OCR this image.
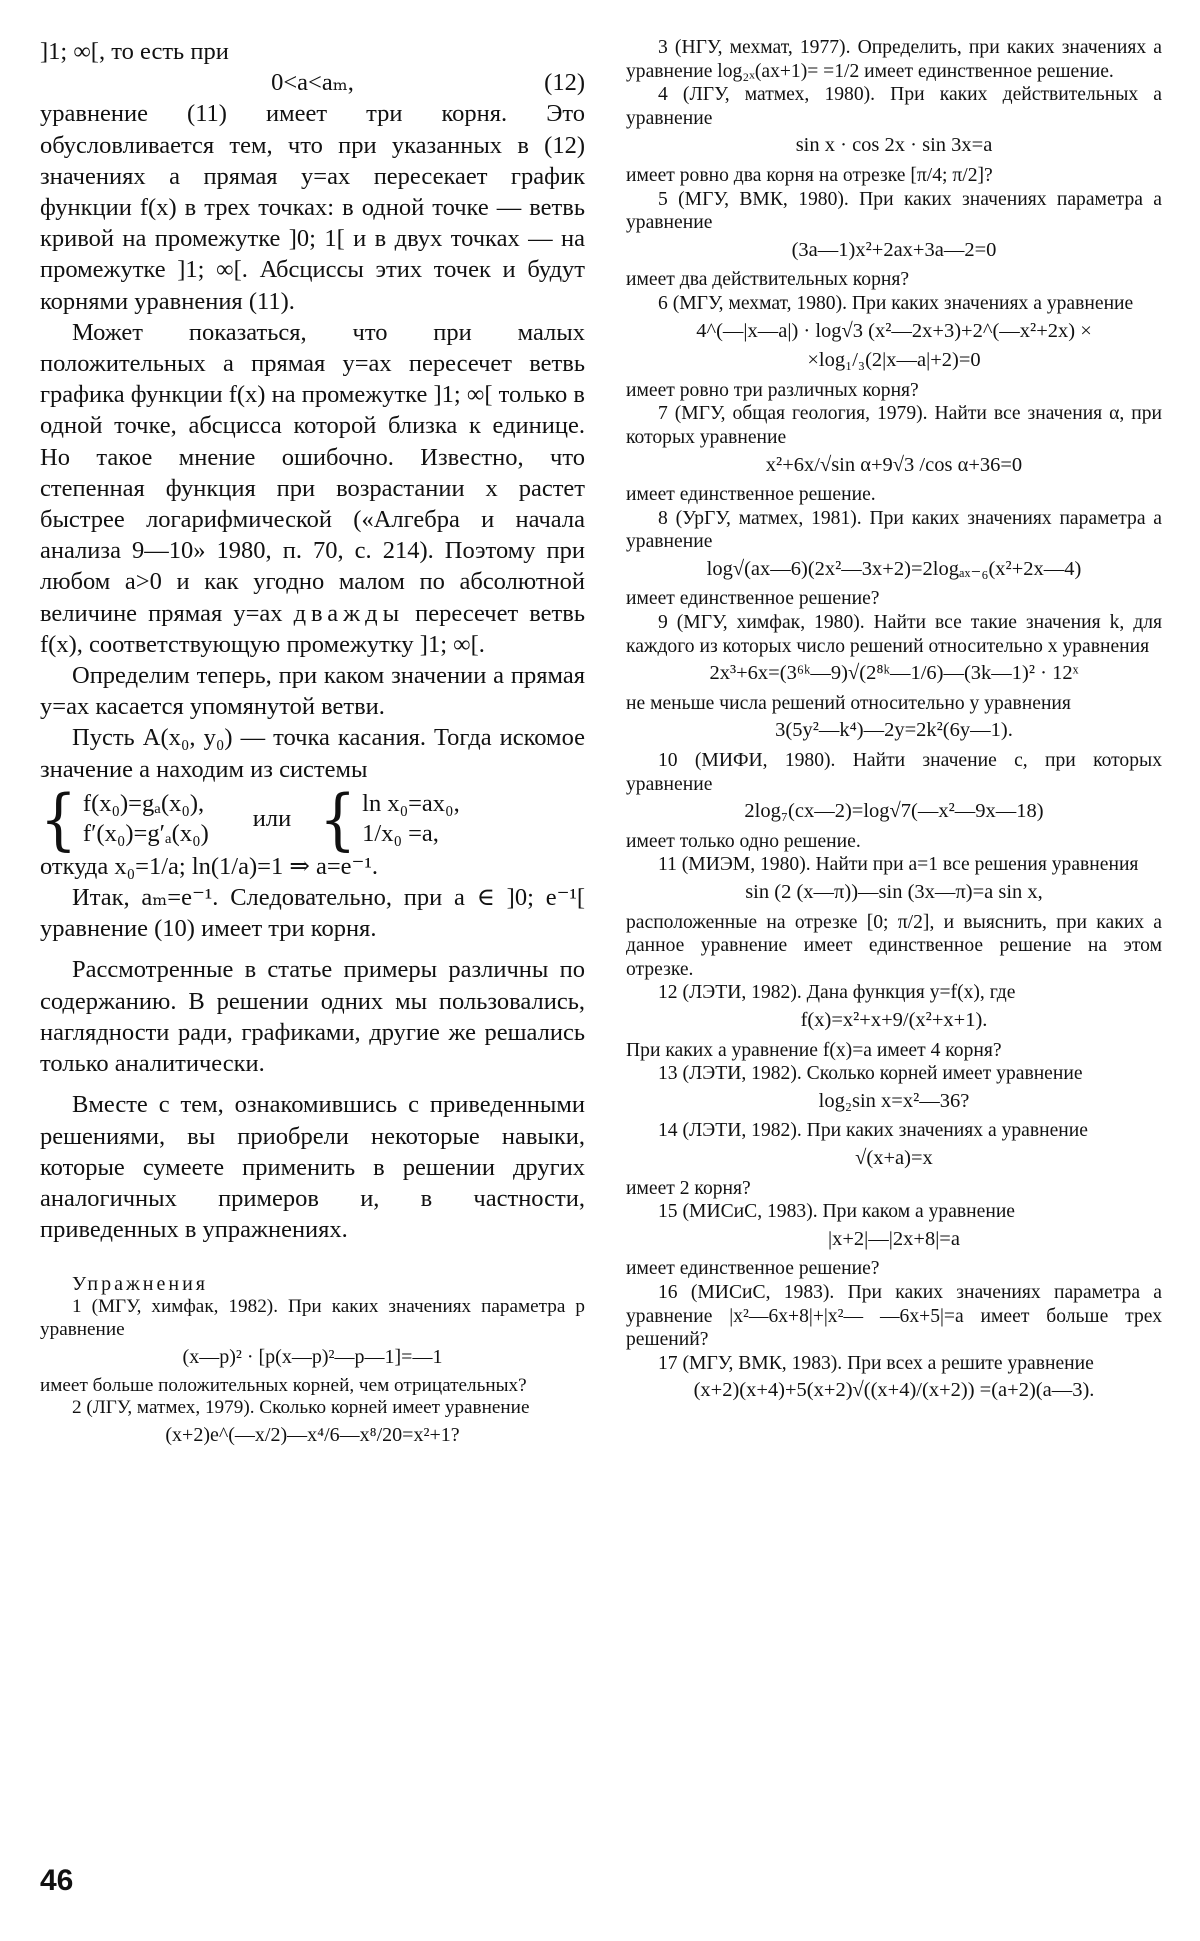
]1; ∞[, то есть при

0<a<aₘ,	(12)

уравнение (11) имеет три корня. Это обусловливается тем, что при указанных в (12) значениях a прямая y=ax пересекает график функции f(x) в трех точках: в одной точке — ветвь кривой на промежутке ]0; 1[ и в двух точках — на промежутке ]1; ∞[. Абсциссы этих точек и будут корнями уравнения (11).

Может показаться, что при малых положительных a прямая y=ax пересечет ветвь графика функции f(x) на промежутке ]1; ∞[ только в одной точке, абсцисса которой близка к единице. Но такое мнение ошибочно. Известно, что степенная функция при возрастании x растет быстрее логарифмической («Алгебра и начала анализа 9—10» 1980, п. 70, с. 214). Поэтому при любом a>0 и как угодно малом по абсолютной величине прямая y=ax дважды пересечет ветвь f(x), соответствующую промежутку ]1; ∞[.

Определим теперь, при каком значении a прямая y=ax касается упомянутой ветви.

Пусть A(x₀, y₀) — точка касания. Тогда искомое значение a находим из системы

{ f(x₀)=gₐ(x₀),
f′(x₀)=g′ₐ(x₀)
или { ln x₀=ax₀,
1/x₀ =a,

откуда x₀=1/a; ln(1/a)=1 ⇒ a=e⁻¹.

Итак, aₘ=e⁻¹. Следовательно, при a ∈ ]0; e⁻¹[ уравнение (10) имеет три корня.

Рассмотренные в статье примеры различны по содержанию. В решении одних мы пользовались, наглядности ради, графиками, другие же решались только аналитически.

Вместе с тем, ознакомившись с приведенными решениями, вы приобрели некоторые навыки, которые сумеете применить в решении других аналогичных примеров и, в частности, приведенных в упражнениях.

Упражнения

1 (МГУ, химфак, 1982). При каких значениях параметра p уравнение

(x—p)² · [p(x—p)²—p—1]=—1

имеет больше положительных корней, чем отрицательных?

2 (ЛГУ, матмех, 1979). Сколько корней имеет уравнение

(x+2)e^(—x/2)—x⁴/6—x⁸/20=x²+1?

3 (НГУ, мехмат, 1977). Определить, при каких значениях a уравнение log₂ₓ(ax+1)= =1/2 имеет единственное решение.

4 (ЛГУ, матмех, 1980). При каких действительных a уравнение

sin x · cos 2x · sin 3x=a

имеет ровно два корня на отрезке [π/4; π/2]?

5 (МГУ, ВМК, 1980). При каких значениях параметра a уравнение

(3a—1)x²+2ax+3a—2=0

имеет два действительных корня?

6 (МГУ, мехмат, 1980). При каких значениях a уравнение

4^(—|x—a|) · log√3 (x²—2x+3)+2^(—x²+2x) ×

×log₁/₃(2|x—a|+2)=0

имеет ровно три различных корня?

7 (МГУ, общая геология, 1979). Найти все значения α, при которых уравнение

x²+6x/√sin α+9√3 /cos α+36=0

имеет единственное решение.

8 (УрГУ, матмех, 1981). При каких значениях параметра a уравнение

log√(ax—6)(2x²—3x+2)=2logₐₓ₋₆(x²+2x—4)

имеет единственное решение?

9 (МГУ, химфак, 1980). Найти все такие значения k, для каждого из которых число решений относительно x уравнения

2x³+6x=(3⁶ᵏ—9)√(2⁸ᵏ—1/6)—(3k—1)² · 12ˣ

не меньше числа решений относительно y уравнения

3(5y²—k⁴)—2y=2k²(6y—1).

10 (МИФИ, 1980). Найти значение c, при которых уравнение

2log₇(cx—2)=log√7(—x²—9x—18)

имеет только одно решение.

11 (МИЭМ, 1980). Найти при a=1 все решения уравнения

sin (2 (x—π))—sin (3x—π)=a sin x,

расположенные на отрезке [0; π/2], и выяснить, при каких a данное уравнение имеет единственное решение на этом отрезке.

12 (ЛЭТИ, 1982). Дана функция y=f(x), где

f(x)=x²+x+9/(x²+x+1).

При каких a уравнение f(x)=a имеет 4 корня?

13 (ЛЭТИ, 1982). Сколько корней имеет уравнение

log₂sin x=x²—36?

14 (ЛЭТИ, 1982). При каких значениях a уравнение

√(x+a)=x

имеет 2 корня?

15 (МИСиС, 1983). При каком a уравнение

|x+2|—|2x+8|=a

имеет единственное решение?

16 (МИСиС, 1983). При каких значениях параметра a уравнение |x²—6x+8|+|x²— —6x+5|=a имеет больше трех решений?

17 (МГУ, ВМК, 1983). При всех a решите уравнение

(x+2)(x+4)+5(x+2)√((x+4)/(x+2)) =(a+2)(a—3).

46
